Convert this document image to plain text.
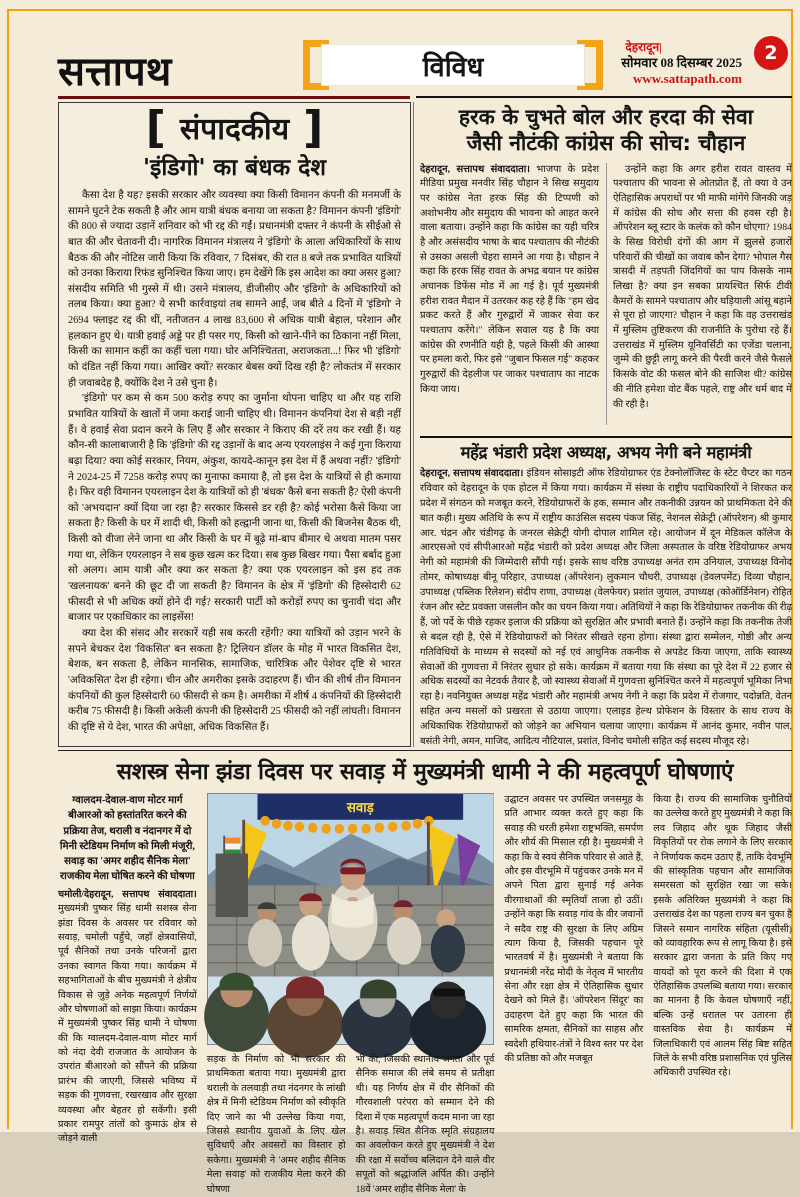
सत्तापथ	विविध
देहरादून|
सोमवार 08 दिसम्बर 2025
www.sattapath.com
2
[ संपादकीय ]
'इंडिगो' का बंधक देश

कैसा देश है यह? इसकी सरकार और व्यवस्था क्या किसी विमानन कंपनी की मनमर्जी के सामने घुटने टेक सकती है और आम यात्री बंधक बनाया जा सकता है? विमानन कंपनी 'इंडिगो' की 800 से ज्यादा उड़ानें शनिवार को भी रद्द की गईं। प्रधानमंत्री दफ्तर ने कंपनी के सीईओ से बात की और चेतावनी दी। नागरिक विमानन मंत्रालय ने 'इंडिगो' के आला अधिकारियों के साथ बैठक की और नोटिस जारी किया कि रविवार, 7 दिसंबर, की रात 8 बजे तक प्रभावित यात्रियों को उनका किराया रिफंड सुनिश्चित किया जाए। हम देखेंगे कि इस आदेश का क्या असर हुआ? संसदीय समिति भी गुस्से में थी। उसने मंत्रालय, डीजीसीए और 'इंडिगो' के अधिकारियों को तलब किया। क्या हुआ? ये सभी कार्रवाइयां तब सामने आईं, जब बीते 4 दिनों में 'इंडिगो' ने 2694 फ्लाइट रद्द की थीं, नतीजतन 4 लाख 83,600 से अधिक यात्री बेहाल, परेशान और हलकान हुए थे। यात्री हवाई अड्डे पर ही पसर गए, किसी को खाने-पीने का ठिकाना नहीं मिला, किसी का सामान कहीं का कहीं चला गया। घोर अनिश्चितता, अराजकता...! फिर भी 'इंडिगो' को दंडित नहीं किया गया। आखिर क्यों? सरकार बेबस क्यों दिख रही है? लोकतंत्र में सरकार ही जवाबदेह है, क्योंकि देश ने उसे चुना है।

'इंडिगो' पर कम से कम 500 करोड़ रुपए का जुर्माना थोपना चाहिए था और यह राशि प्रभावित यात्रियों के खातों में जमा कराई जानी चाहिए थी। विमानन कंपनियां देश से बड़ी नहीं हैं। वे हवाई सेवा प्रदान करने के लिए हैं और सरकार ने किराए की दरें तय कर रखी हैं। यह कौन-सी कालाबाजारी है कि 'इंडिगो' की रद्द उड़ानों के बाद अन्य एयरलाइंस ने कई गुना किराया बढ़ा दिया? क्या कोई सरकार, नियम, अंकुश, कायदे-कानून इस देश में हैं अथवा नहीं? 'इंडिगो' ने 2024-25 में 7258 करोड़ रुपए का मुनाफा कमाया है, तो इस देश के यात्रियों से ही कमाया है। फिर वही विमानन एयरलाइन देश के यात्रियों को ही 'बंधक' कैसे बना सकती है? ऐसी कंपनी को 'अभयदान' क्यों दिया जा रहा है? सरकार किससे डर रही है? कोई भरोसा कैसे किया जा सकता है? किसी के घर में शादी थी, किसी को हल्द्वानी जाना था, किसी की बिजनेस बैठक थी, किसी को वीजा लेने जाना था और किसी के घर में बूढ़े मां-बाप बीमार थे अथवा मातम पसर गया था, लेकिन एयरलाइन ने सब कुछ खत्म कर दिया। सब कुछ बिखर गया। पैसा बर्बाद हुआ सो अलग। आम यात्री और क्या कर सकता है? क्या एक एयरलाइन को इस हद तक 'खलनायक' बनने की छूट दी जा सकती है? विमानन के क्षेत्र में 'इंडिगो' की हिस्सेदारी 62 फीसदी से भी अधिक क्यों होने दी गई? सरकारी पार्टी को करोड़ों रुपए का चुनावी चंदा और बाजार पर एकाधिकार का लाइसेंस!

क्या देश की संसद और सरकारें यही सब करती रहेंगी? क्या यात्रियों को उड़ान भरने के सपने बेचकर देश 'विकसित' बन सकता है? ट्रिलियन डॉलर के मोह में भारत विकसित देश, बेशक, बन सकता है, लेकिन मानसिक, सामाजिक, चारित्रिक और पेशेवर दृष्टि से भारत 'अविकसित' देश ही रहेगा। चीन और अमरीका इसके उदाहरण हैं। चीन की शीर्ष तीन विमानन कंपनियों की कुल हिस्सेदारी 60 फीसदी से कम है। अमरीका में शीर्ष 4 कंपनियों की हिस्सेदारी करीब 75 फीसदी है। किसी अकेली कंपनी की हिस्सेदारी 25 फीसदी को नहीं लांघती। विमानन की दृष्टि से ये देश, भारत की अपेक्षा, अधिक विकसित हैं।

हरक के चुभते बोल और हरदा की सेवा
जैसी नौटंकी कांग्रेस की सोच: चौहान

देहरादून, सत्तापथ संवाददाता। भाजपा के प्रदेश मीडिया प्रमुख मनवीर सिंह चौहान ने सिख समुदाय पर कांग्रेस नेता हरक सिंह की टिप्पणी को अशोभनीय और समुदाय की भावना को आहत करने वाला बताया। उन्होंने कहा कि कांग्रेस का यही चरित्र है और असंसदीय भाषा के बाद पश्चाताप की नौटंकी से उसका असली चेहरा सामने आ गया है। चौहान ने कहा कि हरक सिंह रावत के अभद्र बयान पर कांग्रेस अचानक डिफेंस मोड में आ गई है। पूर्व मुख्यमंत्री हरीश रावत मैदान में उतरकर कह रहे हैं कि "हम खेद प्रकट करते हैं और गुरुद्वारों में जाकर सेवा कर पश्चाताप करेंगे।" लेकिन सवाल यह है कि क्या कांग्रेस की रणनीति यही है, पहले किसी की आस्था पर हमला करो, फिर इसे "जुबान फिसल गई" कहकर गुरुद्वारों की देहलीज पर जाकर पश्चाताप का नाटक किया जाय।

उन्होंने कहा कि अगर हरीश रावत वास्तव में पश्चाताप की भावना से ओतप्रोत हैं, तो क्या वे उन ऐतिहासिक अपराधों पर भी माफी मांगेंगे जिनकी जड़ में कांग्रेस की सोच और सत्ता की हवस रही है। ऑपरेशन ब्लू स्टार के कलंक को कौन धोएगा? 1984 के सिख विरोधी दंगों की आग में झुलसे हजारों परिवारों की चीखों का जवाब कौन देगा? भोपाल गैस त्रासदी में तड़पती जिंदगियों का पाप किसके नाम लिखा है? क्या इन सबका प्रायश्चित सिर्फ टीवी कैमरों के सामने पश्चाताप और घड़ियाली आंसू बहाने से पूरा हो जाएगा? चौहान ने कहा कि वह उत्तराखंड में मुस्लिम तुष्टिकरण की राजनीति के पुरोधा रहे हैं। उत्तराखंड में मुस्लिम यूनिवर्सिटी का एजेंडा चलाना, जुम्मे की छुट्टी लागू करने की पैरवी करने जैसे फैसले किसके वोट की फसल बोने की साजिश थी? कांग्रेस की नीति हमेशा वोट बैंक पहले, राष्ट्र और धर्म बाद में की रही है।

महेंद्र भंडारी प्रदेश अध्यक्ष, अभय नेगी बने महामंत्री
देहरादून, सत्तापथ संवाददाता। इंडियन सोसाइटी ऑफ रेडियोग्राफर एंड टेक्नोलॉजिस्ट के स्टेट चैप्टर का गठन रविवार को देहरादून के एक होटल में किया गया। कार्यक्रम में संस्था के राष्ट्रीय पदाधिकारियों ने शिरकत कर प्रदेश में संगठन को मजबूत करने, रेडियोग्राफरों के हक, सम्मान और तकनीकी उन्नयन को प्राथमिकता देने की बात कही। मुख्य अतिथि के रूप में राष्ट्रीय काउंसिल सदस्य पंकज सिंह, नेशनल सेक्रेट्री (ऑपरेशन) श्री कुमार आर. चंद्रन और चंडीगढ़ के जनरल सेक्रेट्री योगी दोपाल शामिल रहे। आयोजन में दून मेडिकल कॉलेज के आरएसओ एवं सीपीआरओ महेंद्र भंडारी को प्रदेश अध्यक्ष और जिला अस्पताल के वरिष्ठ रेडियोग्राफर अभय नेगी को महामंत्री की जिम्मेदारी सौंपी गई। इसके साथ वरिष्ठ उपाध्यक्ष अनंत राम उनियाल, उपाध्यक्ष विनोद तोमर, कोषाध्यक्ष बीनू परिहार, उपाध्यक्ष (ऑपरेशन) लुकमान चौधरी, उपाध्यक्ष (डेवलपमेंट) दिव्या चौहान, उपाध्यक्ष (पब्लिक रिलेशन) संदीप राणा, उपाध्यक्ष (वेलफेयर) प्रशांत जुयाल, उपाध्यक्ष (कोऑर्डिनेशन) रोहित रंजन और स्टेट प्रवक्ता जसलीन कौर का चयन किया गया। अतिथियों ने कहा कि रेडियोग्राफर तकनीक की रीढ़ हैं, जो पर्दे के पीछे रहकर इलाज की प्रक्रिया को सुरक्षित और प्रभावी बनाते हैं। उन्होंने कहा कि तकनीक तेजी से बदल रही है, ऐसे में रेडियोग्राफरों को निरंतर सीखते रहना होगा। संस्था द्वारा सम्मेलन, गोष्ठी और अन्य गतिविधियों के माध्यम से सदस्यों को नई एवं आधुनिक तकनीक से अपडेट किया जाएगा, ताकि स्वास्थ्य सेवाओं की गुणवत्ता में निरंतर सुधार हो सके। कार्यक्रम में बताया गया कि संस्था का पूरे देश में 22 हजार से अधिक सदस्यों का नेटवर्क तैयार है, जो स्वास्थ्य सेवाओं में गुणवत्ता सुनिश्चित करने में महत्वपूर्ण भूमिका निभा रहा है। नवनियुक्त अध्यक्ष महेंद्र भंडारी और महामंत्री अभय नेगी ने कहा कि प्रदेश में रोजगार, पदोन्नति, वेतन सहित अन्य मसलों को प्रखरता से उठाया जाएगा। एलाइड हेल्थ प्रोफेशन के विस्तार के साथ राज्य के अधिकाधिक रेडियोग्राफरों को जोड़ने का अभियान चलाया जाएगा। कार्यक्रम में आनंद कुमार, नवीन पाल, बसंती नेगी, अमन, माजिद, आदित्य नौटियाल, प्रशांत, विनोद चमोली सहित कई सदस्य मौजूद रहे।
सशस्त्र सेना झंडा दिवस पर सवाड़ में मुख्यमंत्री धामी ने की महत्वपूर्ण घोषणाएं
ग्वालदम-देवाल-वाण मोटर मार्ग बीआरओ को हस्तांतरित करने की प्रक्रिया तेज, थराली व नंदानगर में दो मिनी स्टेडियम निर्माण को मिली मंजूरी, सवाड़ का 'अमर शहीद सैनिक मेला' राजकीय मेला घोषित करने की घोषणा
चमोली/देहरादून, सत्तापथ संवाददाता। मुख्यमंत्री पुष्कर सिंह धामी सशस्त्र सेना झंडा दिवस के अवसर पर रविवार को सवाड़, चमोली पहुँचे, जहाँ क्षेत्रवासियों, पूर्व सैनिकों तथा उनके परिजनों द्वारा उनका स्वागत किया गया। कार्यक्रम में सहभागिताओं के बीच मुख्यमंत्री ने क्षेत्रीय विकास से जुड़े अनेक महत्वपूर्ण निर्णयों और घोषणाओं को साझा किया। कार्यक्रम में मुख्यमंत्री पुष्कर सिंह धामी ने घोषणा की कि ग्वालदम-देवाल-वाण मोटर मार्ग को नंदा देवी राजजात के आयोजन के उपरांत बीआरओ को सौंपने की प्रक्रिया प्रारंभ की जाएगी, जिससे भविष्य में सड़क की गुणवत्ता, रखरखाव और सुरक्षा व्यवस्था और बेहतर हो सकेंगी। इसी प्रकार रामपुर तांतों को कुमाऊं क्षेत्र से जोड़ने वाली
सवाड़
सड़क के निर्माण को भी सरकार की प्राथमिकता बताया गया। मुख्यमंत्री द्वारा थराली के तलवाड़ी तथा नंदनगर के लांखी क्षेत्र में मिनी स्टेडियम निर्माण को स्वीकृति दिए जाने का भी उल्लेख किया गया, जिससे स्थानीय युवाओं के लिए खेल सुविधाएँ और अवसरों का विस्तार हो सकेगा। मुख्यमंत्री ने 'अमर शहीद सैनिक मेला सवाड़' को राजकीय मेला करने की घोषणा
भी की, जिसकी स्थानीय जनता और पूर्व सैनिक समाज की लंबे समय से प्रतीक्षा थी। यह निर्णय क्षेत्र में वीर सैनिकों की गौरवशाली परंपरा को सम्मान देने की दिशा में एक महत्वपूर्ण कदम माना जा रहा है। सवाड़ स्थित सैनिक स्मृति संग्रहालय का अवलोकन करते हुए मुख्यमंत्री ने देश की रक्षा में सर्वोच्च बलिदान देने वाले वीर सपूतों को श्रद्धांजलि अर्पित की। उन्होंने 18वें 'अमर शहीद सैनिक मेला' के
उद्घाटन अवसर पर उपस्थित जनसमूह के प्रति आभार व्यक्त करते हुए कहा कि सवाड़ की धरती हमेशा राष्ट्रभक्ति, समर्पण और शौर्य की मिसाल रही है। मुख्यमंत्री ने कहा कि वे स्वयं सैनिक परिवार से आते हैं, और इस वीरभूमि में पहुंचकर उनके मन में अपने पिता द्वारा सुनाई गई अनेक वीरगाथाओं की स्मृतियाँ ताजा हो उठीं। उन्होंने कहा कि सवाड़ गांव के वीर जवानों ने सदैव राष्ट्र की सुरक्षा के लिए अग्रिम त्याग किया है, जिसकी पहचान पूरे भारतवर्ष में है। मुख्यमंत्री ने बताया कि प्रधानमंत्री नरेंद्र मोदी के नेतृत्व में भारतीय सेना और रक्षा क्षेत्र में ऐतिहासिक सुधार देखने को मिले हैं। 'ऑपरेशन सिंदूर' का उदाहरण देते हुए कहा कि भारत की सामरिक क्षमता, सैनिकों का साहस और स्वदेशी हथियार-तंत्रों ने विश्व स्तर पर देश की प्रतिष्ठा को और मजबूत
किया है। राज्य की सामाजिक चुनौतियों का उल्लेख करते हुए मुख्यमंत्री ने कहा कि लव जिहाद और थूक जिहाद जैसी विकृतियों पर रोक लगाने के लिए सरकार ने निर्णायक कदम उठाए हैं, ताकि देवभूमि की सांस्कृतिक पहचान और सामाजिक समरसता को सुरक्षित रखा जा सके। इसके अतिरिक्त मुख्यमंत्री ने कहा कि उत्तराखंड देश का पहला राज्य बन चुका है जिसने समान नागरिक संहिता (यूसीसी) को व्यावहारिक रूप से लागू किया है। इसे सरकार द्वारा जनता के प्रति किए गए वायदों को पूरा करने की दिशा में एक ऐतिहासिक उपलब्धि बताया गया। सरकार का मानना है कि केवल घोषणाएँ नहीं, बल्कि उन्हें धरातल पर उतारना ही वास्तविक सेवा है। कार्यक्रम में जिलाधिकारी एवं आलम सिंह बिष्ट सहित जिले के सभी वरिष्ठ प्रशासनिक एवं पुलिस अधिकारी उपस्थित रहे।
